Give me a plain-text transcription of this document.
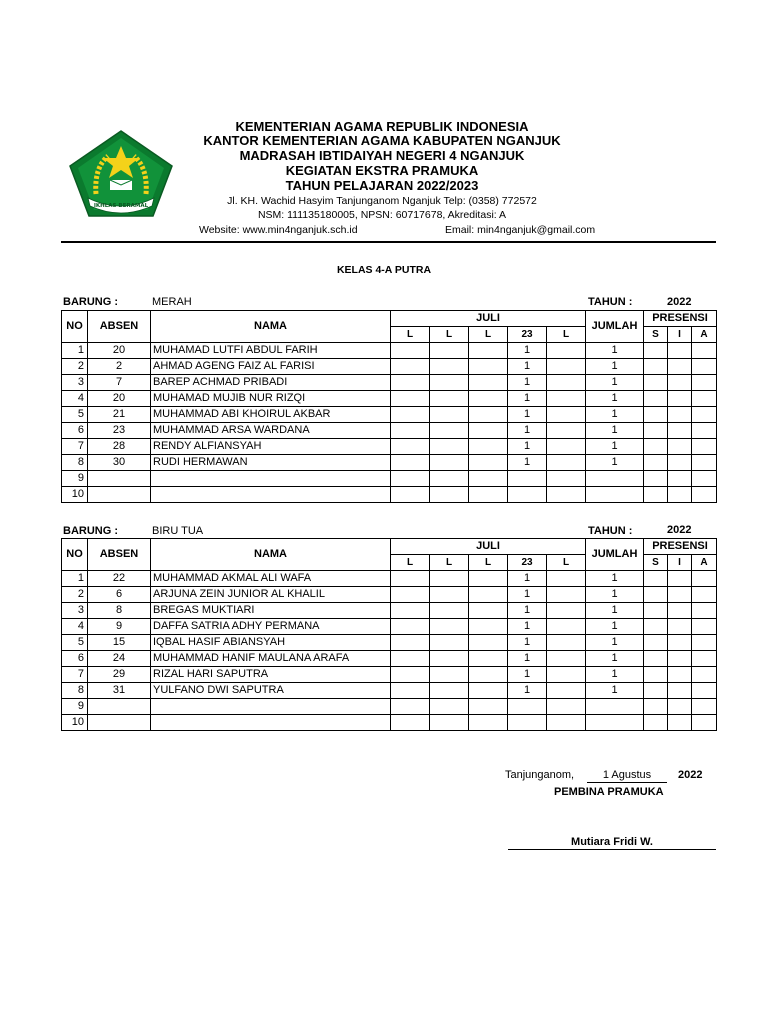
IKHLAS BERAMAL
KEMENTERIAN AGAMA REPUBLIK INDONESIA
KANTOR KEMENTERIAN AGAMA KABUPATEN NGANJUK
MADRASAH IBTIDAIYAH NEGERI 4 NGANJUK
KEGIATAN EKSTRA PRAMUKA
TAHUN PELAJARAN 2022/2023
Jl. KH. Wachid Hasyim Tanjunganom Nganjuk Telp: (0358) 772572
NSM: 111135180005, NPSN: 60717678, Akreditasi: A
Website: www.min4nganjuk.sch.id	Email: min4nganjuk@gmail.com
KELAS 4-A PUTRA
BARUNG :	MERAH	TAHUN :	2022
NO	ABSEN	NAMA	JULI					JUMLAH	PRESENSI		
			L	L	L	23	L		S	I	A
1	20	MUHAMAD LUTFI ABDUL FARIH				1		1			
2	2	AHMAD AGENG FAIZ AL FARISI				1		1			
3	7	BAREP ACHMAD PRIBADI				1		1			
4	20	MUHAMAD MUJIB NUR RIZQI				1		1			
5	21	MUHAMMAD ABI KHOIRUL AKBAR				1		1			
6	23	MUHAMMAD ARSA WARDANA				1		1			
7	28	RENDY ALFIANSYAH				1		1			
8	30	RUDI HERMAWAN				1		1			
9											
10											
BARUNG :	BIRU TUA	TAHUN :	2022
NO	ABSEN	NAMA	JULI					JUMLAH	PRESENSI		
			L	L	L	23	L		S	I	A
1	22	MUHAMMAD AKMAL ALI WAFA				1		1			
2	6	ARJUNA ZEIN JUNIOR AL KHALIL				1		1			
3	8	BREGAS MUKTIARI				1		1			
4	9	DAFFA SATRIA ADHY PERMANA				1		1			
5	15	IQBAL HASIF ABIANSYAH				1		1			
6	24	MUHAMMAD HANIF MAULANA ARAFA				1		1			
7	29	RIZAL HARI SAPUTRA				1		1			
8	31	YULFANO DWI SAPUTRA				1		1			
9											
10											
Tanjunganom,	1 Agustus	2022
PEMBINA PRAMUKA
Mutiara Fridi W.
